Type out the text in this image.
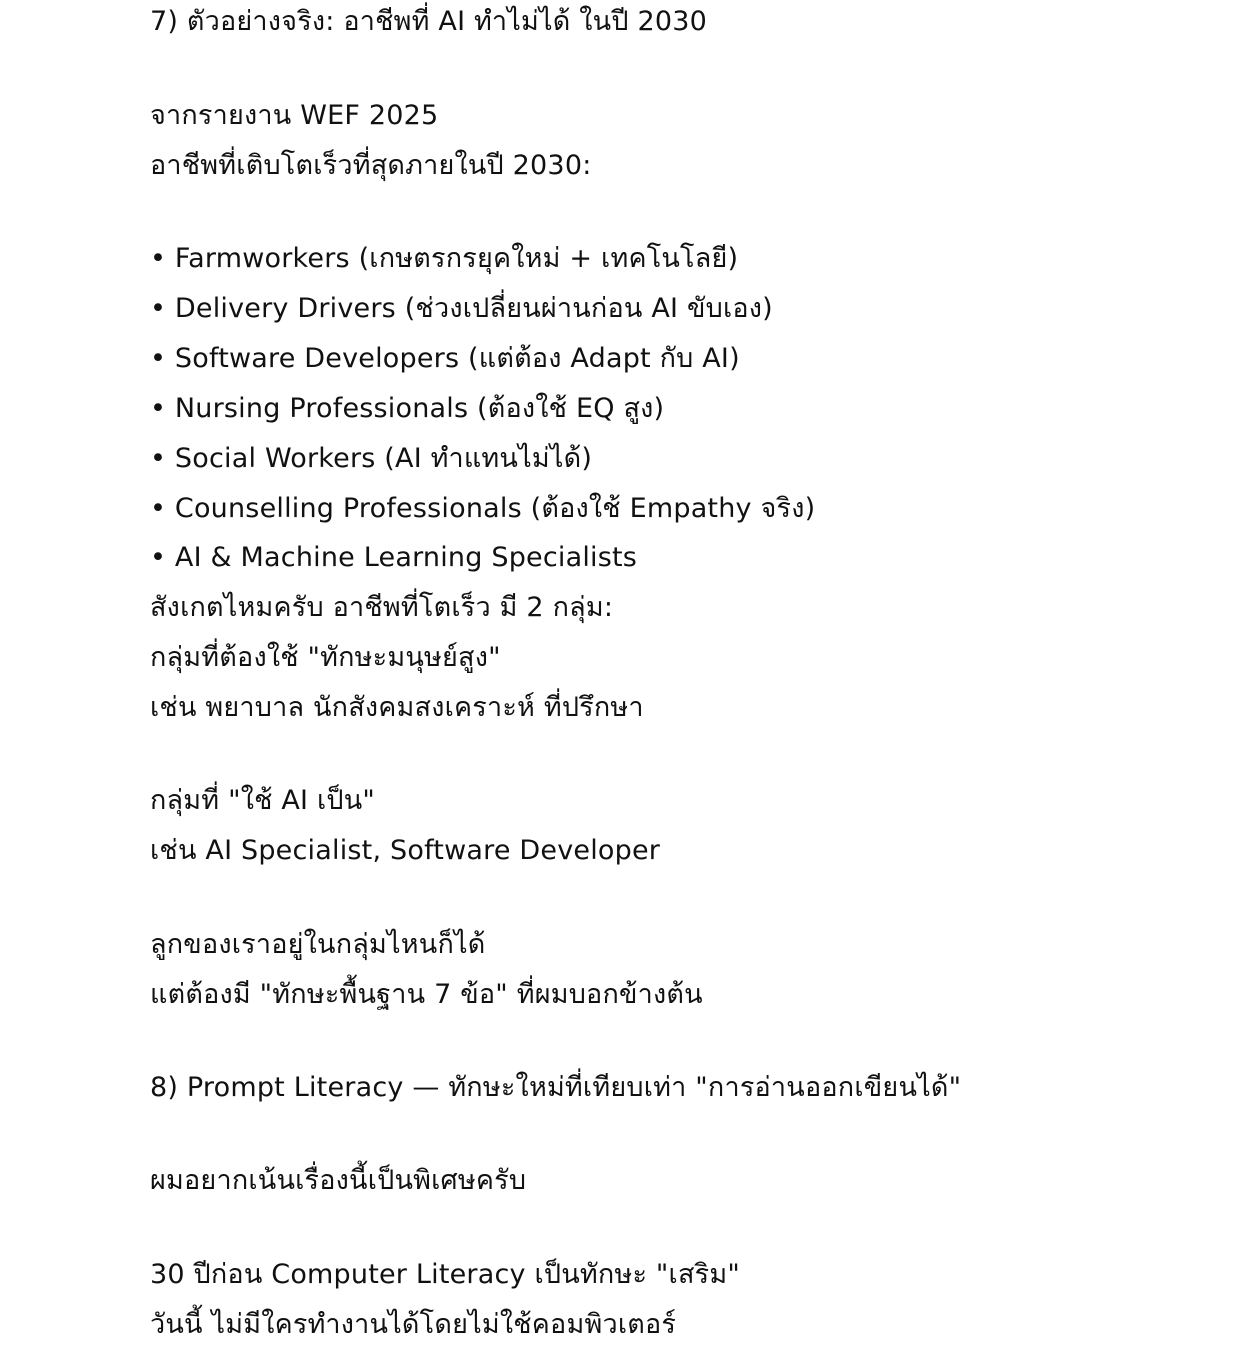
7) ตัวอย่างจริง: อาชีพที่ AI ทำไม่ได้ ในปี 2030
จากรายงาน WEF 2025
อาชีพที่เติบโตเร็วที่สุดภายในปี 2030:
• Farmworkers (เกษตรกรยุคใหม่ + เทคโนโลยี)
• Delivery Drivers (ช่วงเปลี่ยนผ่านก่อน AI ขับเอง)
• Software Developers (แต่ต้อง Adapt กับ AI)
• Nursing Professionals (ต้องใช้ EQ สูง)
• Social Workers (AI ทำแทนไม่ได้)
• Counselling Professionals (ต้องใช้ Empathy จริง)
• AI & Machine Learning Specialists
สังเกตไหมครับ อาชีพที่โตเร็ว มี 2 กลุ่ม:
กลุ่มที่ต้องใช้ "ทักษะมนุษย์สูง"
เช่น พยาบาล นักสังคมสงเคราะห์ ที่ปรึกษา
กลุ่มที่ "ใช้ AI เป็น"
เช่น AI Specialist, Software Developer
ลูกของเราอยู่ในกลุ่มไหนก็ได้
แต่ต้องมี "ทักษะพื้นฐาน 7 ข้อ" ที่ผมบอกข้างต้น
8) Prompt Literacy — ทักษะใหม่ที่เทียบเท่า "การอ่านออกเขียนได้"
ผมอยากเน้นเรื่องนี้เป็นพิเศษครับ
30 ปีก่อน Computer Literacy เป็นทักษะ "เสริม"
วันนี้ ไม่มีใครทำงานได้โดยไม่ใช้คอมพิวเตอร์
